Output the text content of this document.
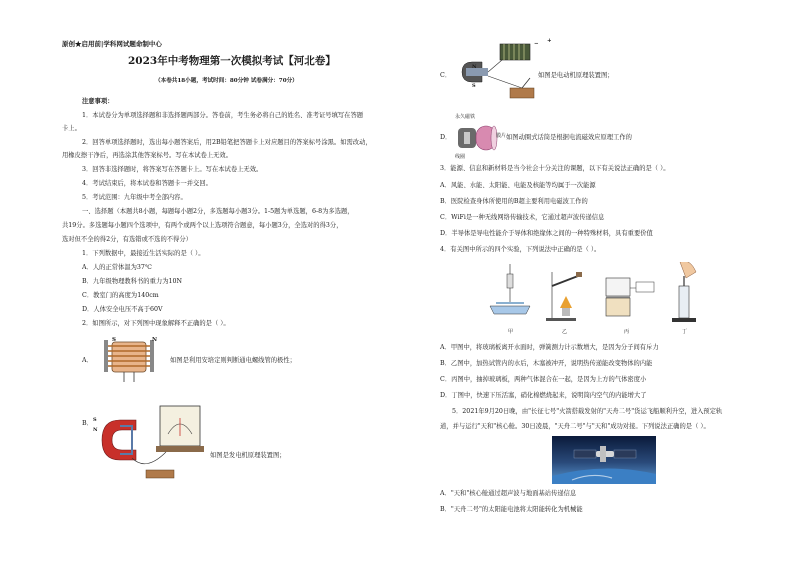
原创★启用前|学科网试题命制中心
2023年中考物理第一次模拟考试【河北卷】
（本卷共18小题，考试时间：80分钟 试卷满分：70分）
注意事项：
1．本试卷分为单项选择题和非选择题两部分。答卷前，考生务必将自己的姓名、准考证号填写在答题
卡上。
2．回答单项选择题时，选出每小题答案后，用2B铅笔把答题卡上对应题目的答案标号涂黑。如需改动，
用橡皮擦干净后，再选涂其他答案标号。写在本试卷上无效。
3．回答非选择题时，将答案写在答题卡上。写在本试卷上无效。
4．考试结束后，将本试卷和答题卡一并交回。
5．考试范围：九年级中考全部内容。
一、选择题（本题共8小题，每题每小题2分，多选题每小题3分。1-5题为单选题，6-8为多选题，
共19分。多选题每小题四个选项中，有两个或两个以上选项符合题意，每小题3分，全选对的得3分，
选对但不全的得2分，有选错或不选的不得分）
1．下列数据中，最接近生活实际的是（ ）。
A．人的正常体温为37℃
B．九年级物理教科书的重力为10N
C．教室门的高度为140cm
D．人体安全电压不高于60V
2．如图所示，对下列图中现象解释不正确的是（ ）。
A．
S	N
如图是利用安培定则判断通电螺线管的极性；
B． S
N
如图是发电机原理装置图；
C．
− +
N
S
如图是电动机原理装置图；
D．
永久磁铁
膜片
线圈
如图动圈式话筒是根据电流磁效应原理工作的
3．能源、信息和新材料是当今社会十分关注的课题，以下有关说法正确的是（ ）。
A．风能、水能、太阳能、电能及核能等均属于一次能源
B．医院检查身体所使用的B超主要利用电磁波工作的
C．WiFi是一种无线网络传输技术，它通过超声波传递信息
D．半导体是导电性能介于导体和绝缘体之间的一种特殊材料，具有重要价值
4．有关图中所示的四个实验，下列说法中正确的是（ ）。
甲	乙	丙	丁
A．甲图中，将玻璃板离开水面时，弹簧测力计示数增大，是因为分子间有斥力
B．乙图中，加热试管内的水后，木塞被冲开，说明热传递能改变物体的内能
C．丙图中，抽掉玻璃板，两种气体混合在一起，是因为上方的气体密度小
D．丁图中，快速下压活塞，硝化棉燃烧起来，说明筒内空气的内能增大了
5．2021年9月20日晚，由"长征七号"火箭搭载发射的"天舟二号"货运飞船顺利升空，进入预定轨
道，并与运行"天和"核心舱。30日凌晨，"天舟二号"与"天和"成功对接。下列说法正确的是（ ）。
A．"天和"核心舱通过超声波与地面基站传递信息
B．"天舟二号"的太阳能电池将太阳能转化为机械能
